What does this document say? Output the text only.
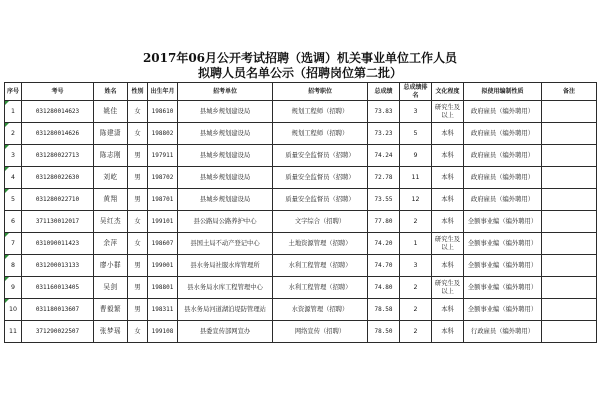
2017年06月公开考试招聘（选调）机关事业单位工作人员
拟聘人员名单公示（招聘岗位第二批）
序号	考号	姓名	性别	出生年月	招考单位	招考职位	总成绩	总成绩排名	文化程度	拟使用编制性质	备注

1	031280014623	姚佳	女	198610	县城乡规划建设局	规划工程师（招聘）	73.83	3	研究生及以上	政府雇员（编外聘用）	

2	031280014626	陈建潇	女	198802	县城乡规划建设局	规划工程师（招聘）	73.23	5	本科	政府雇员（编外聘用）	

3	031280022713	陈志刚	男	197911	县城乡规划建设局	质量安全监督员（招聘）	74.24	9	本科	政府雇员（编外聘用）	

4	031280022630	刘屹	男	198702	县城乡规划建设局	质量安全监督员（招聘）	72.78	11	本科	政府雇员（编外聘用）	

5	031280022710	黄翔	男	198701	县城乡规划建设局	质量安全监督员（招聘）	73.55	12	本科	政府雇员（编外聘用）	
6	371130012017	吴红杰	女	199101	县公路局公路养护中心	文字综合（招聘）	77.80	2	本科	全额事业编（编外聘用）	

7	031090011423	余萍	女	198607	县国土局不动产登记中心	土地资源管理（招聘）	74.20	1	研究生及以上	全额事业编（编外聘用）	

8	031200013133	廖小群	男	199001	县水务局社服水库管理所	水利工程管理（招聘）	74.70	3	本科	全额事业编（编外聘用）	

9	031160013405	吴剑	男	198801	县水务局水库工程管理中心	水利工程管理（招聘）	74.80	2	研究生及以上	全额事业编（编外聘用）	

10	031180013607	曹毅繁	男	198311	县水务局河道湖泊堤防管理站	水资源管理（招聘）	78.58	2	本科	全额事业编（编外聘用）	
11	371290022507	张梦瑶	女	199108	县委宣传部网宣办	网络宣传（招聘）	78.50	2	本科	行政雇员（编外聘用）	
